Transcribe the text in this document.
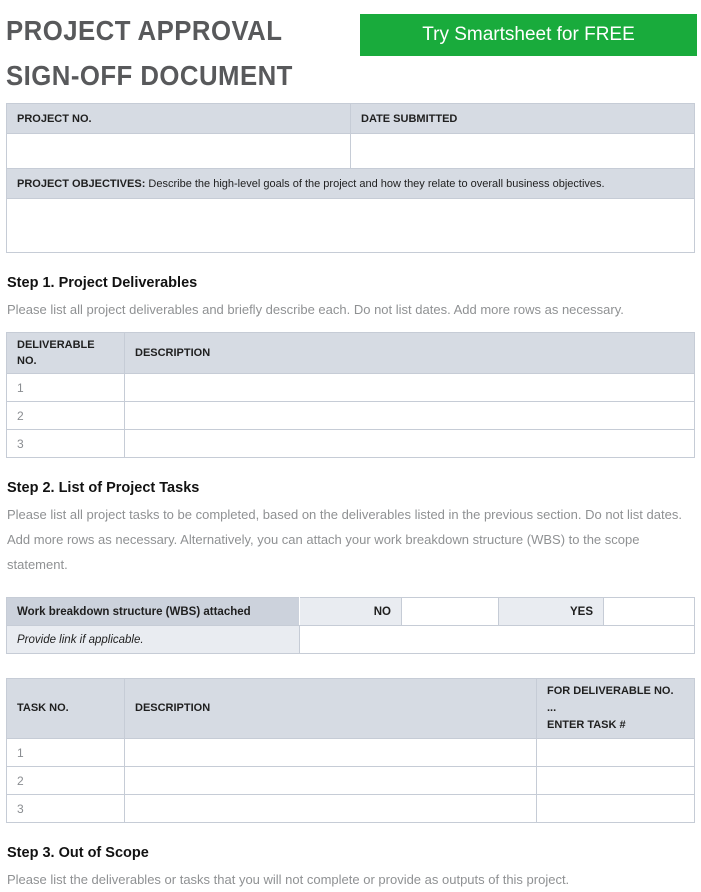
PROJECT APPROVAL
SIGN-OFF DOCUMENT
Try Smartsheet for FREE
PROJECT NO.	DATE SUBMITTED

PROJECT OBJECTIVES: Describe the high-level goals of the project and how they relate to overall business objectives.	

Step 1. Project Deliverables

Please list all project deliverables and briefly describe each. Do not list dates. Add more rows as necessary.

DELIVERABLE NO.	DESCRIPTION
1	
2	
3	
Step 2. List of Project Tasks

Please list all project tasks to be completed, based on the deliverables listed in the previous section. Do not list dates. Add more rows as necessary. Alternatively, you can attach your work breakdown structure (WBS) to the scope statement.

Work breakdown structure (WBS) attached	NO		YES	
Provide link if applicable.				
TASK NO.	DESCRIPTION	FOR DELIVERABLE NO.
...
ENTER TASK #

1		
2		
3		
Step 3. Out of Scope

Please list the deliverables or tasks that you will not complete or provide as outputs of this project.
